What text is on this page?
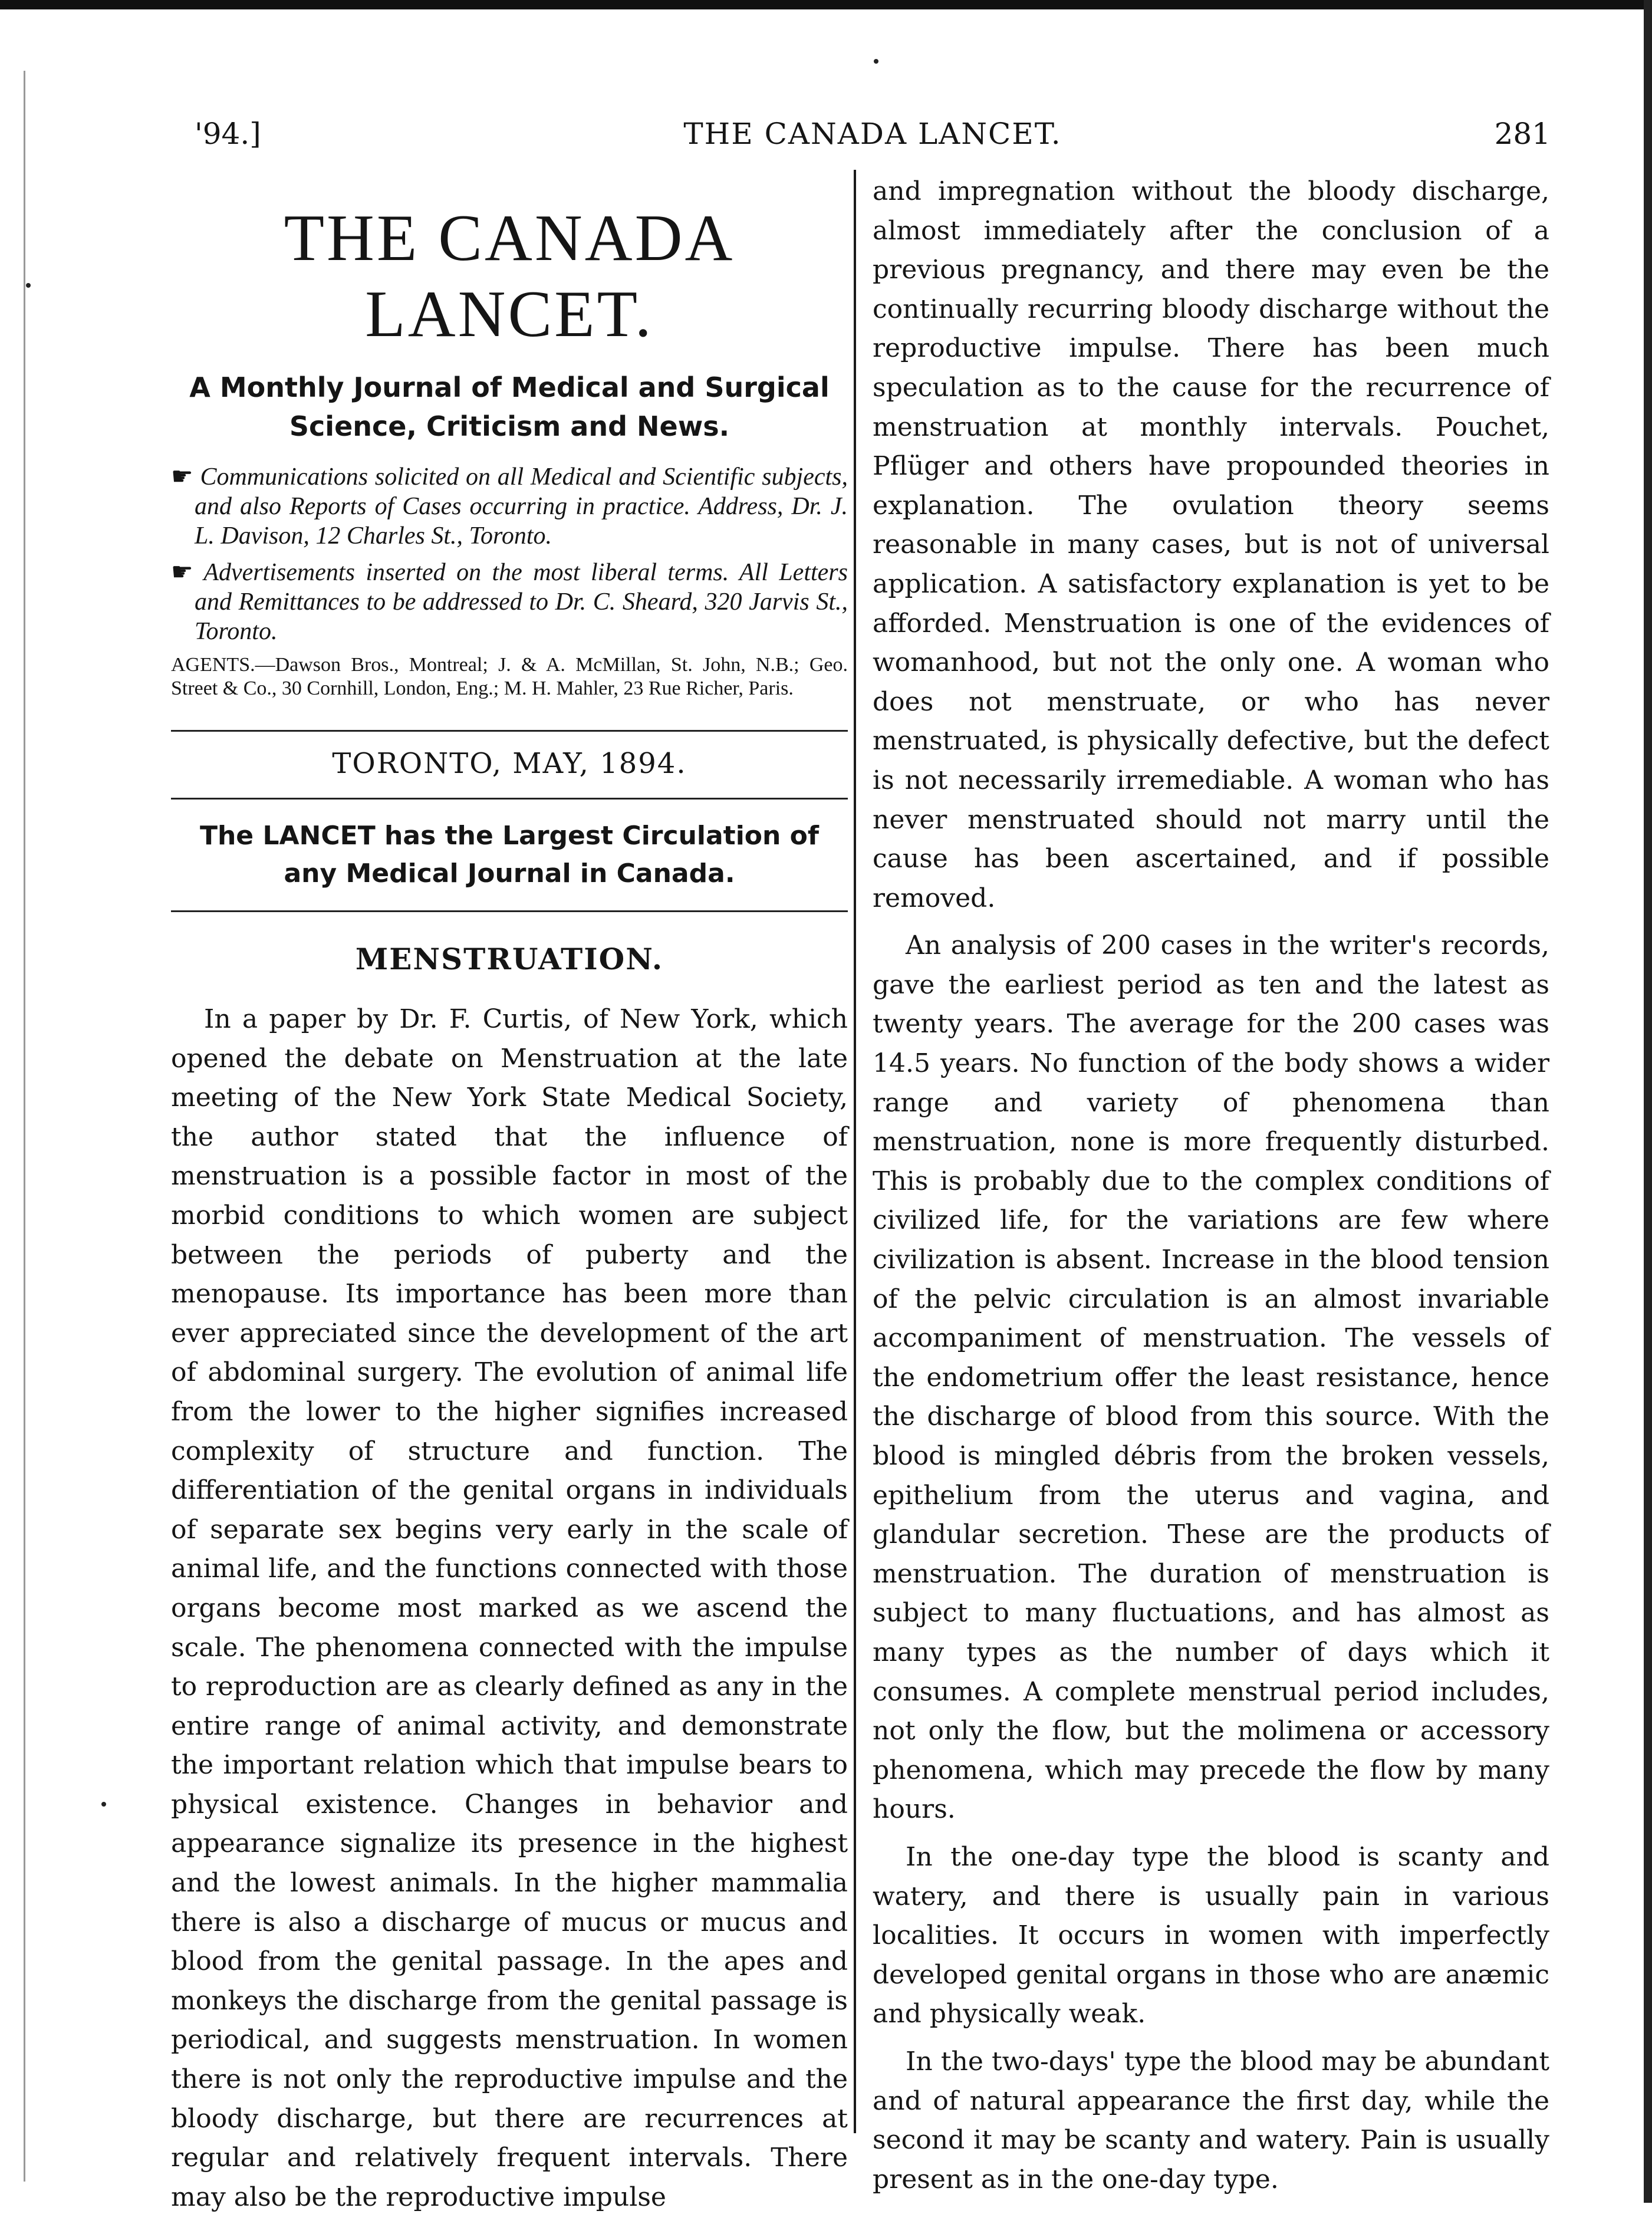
THE CANADA LANCET.
'94.]	281
THE CANADA LANCET.
A Monthly Journal of Medical and Surgical Science, Criticism and News.

☛ Communications solicited on all Medical and Scientific subjects, and also Reports of Cases occurring in practice. Address, Dr. J. L. Davison, 12 Charles St., Toronto.

☛ Advertisements inserted on the most liberal terms. All Letters and Remittances to be addressed to Dr. C. Sheard, 320 Jarvis St., Toronto.

AGENTS.—Dawson Bros., Montreal; J. & A. McMillan, St. John, N.B.; Geo. Street & Co., 30 Cornhill, London, Eng.; M. H. Mahler, 23 Rue Richer, Paris.

TORONTO, MAY, 1894.
The LANCET has the Largest Circulation of any Medical Journal in Canada.
MENSTRUATION.

In a paper by Dr. F. Curtis, of New York, which opened the debate on Menstruation at the late meeting of the New York State Medical Society, the author stated that the influence of menstruation is a possible factor in most of the morbid conditions to which women are subject between the periods of puberty and the menopause. Its importance has been more than ever appreciated since the development of the art of abdominal surgery. The evolution of animal life from the lower to the higher signifies increased complexity of structure and function. The differentiation of the genital organs in individuals of separate sex begins very early in the scale of animal life, and the functions connected with those organs become most marked as we ascend the scale. The phenomena connected with the impulse to reproduction are as clearly defined as any in the entire range of animal activity, and demonstrate the important relation which that impulse bears to physical existence. Changes in behavior and appearance signalize its presence in the highest and the lowest animals. In the higher mammalia there is also a discharge of mucus or mucus and blood from the genital passage. In the apes and monkeys the discharge from the genital passage is periodical, and suggests menstruation. In women there is not only the reproductive impulse and the bloody discharge, but there are recurrences at regular and relatively frequent intervals. There may also be the reproductive impulse

and impregnation without the bloody discharge, almost immediately after the conclusion of a previous pregnancy, and there may even be the continually recurring bloody discharge without the reproductive impulse. There has been much speculation as to the cause for the recurrence of menstruation at monthly intervals. Pouchet, Pflüger and others have propounded theories in explanation. The ovulation theory seems reasonable in many cases, but is not of universal application. A satisfactory explanation is yet to be afforded. Menstruation is one of the evidences of womanhood, but not the only one. A woman who does not menstruate, or who has never menstruated, is physically defective, but the defect is not necessarily irremediable. A woman who has never menstruated should not marry until the cause has been ascertained, and if possible removed.

An analysis of 200 cases in the writer's records, gave the earliest period as ten and the latest as twenty years. The average for the 200 cases was 14.5 years. No function of the body shows a wider range and variety of phenomena than menstruation, none is more frequently disturbed. This is probably due to the complex conditions of civilized life, for the variations are few where civilization is absent. Increase in the blood tension of the pelvic circulation is an almost invariable accompaniment of menstruation. The vessels of the endometrium offer the least resistance, hence the discharge of blood from this source. With the blood is mingled débris from the broken vessels, epithelium from the uterus and vagina, and glandular secretion. These are the products of menstruation. The duration of menstruation is subject to many fluctuations, and has almost as many types as the number of days which it consumes. A complete menstrual period includes, not only the flow, but the molimena or accessory phenomena, which may precede the flow by many hours.

In the one-day type the blood is scanty and watery, and there is usually pain in various localities. It occurs in women with imperfectly developed genital organs in those who are anæmic and physically weak.

In the two-days' type the blood may be abundant and of natural appearance the first day, while the second it may be scanty and watery. Pain is usually present as in the one-day type.
